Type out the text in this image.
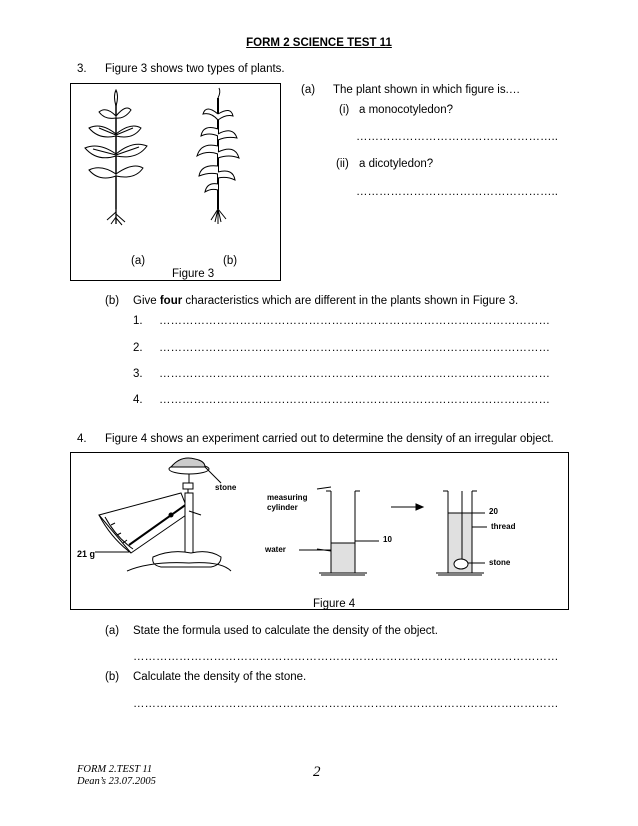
FORM 2 SCIENCE TEST 11
3. Figure 3 shows two types of plants.
(a)	(b)
Figure 3
(a) The plant shown in which figure is.…
(i) a monocotyledon?
……………………………………………..
(ii) a dicotyledon?
……………………………………………..
(b) Give four characteristics which are different in the plants shown in Figure 3.
1. …………………………………………………………………………………………
2. …………………………………………………………………………………………
3. …………………………………………………………………………………………
4. …………………………………………………………………………………………
4. Figure 4 shows an experiment carried out to determine the density of an irregular object.
stone
21 g
measuring
cylinder
water
10
20
thread
stone
Figure 4
(a) State the formula used to calculate the density of the object.
…………………………………………………………………………………………………
(b) Calculate the density of the stone.
…………………………………………………………………………………………………
FORM 2.TEST 11
Dean’s 23.07.2005
2
